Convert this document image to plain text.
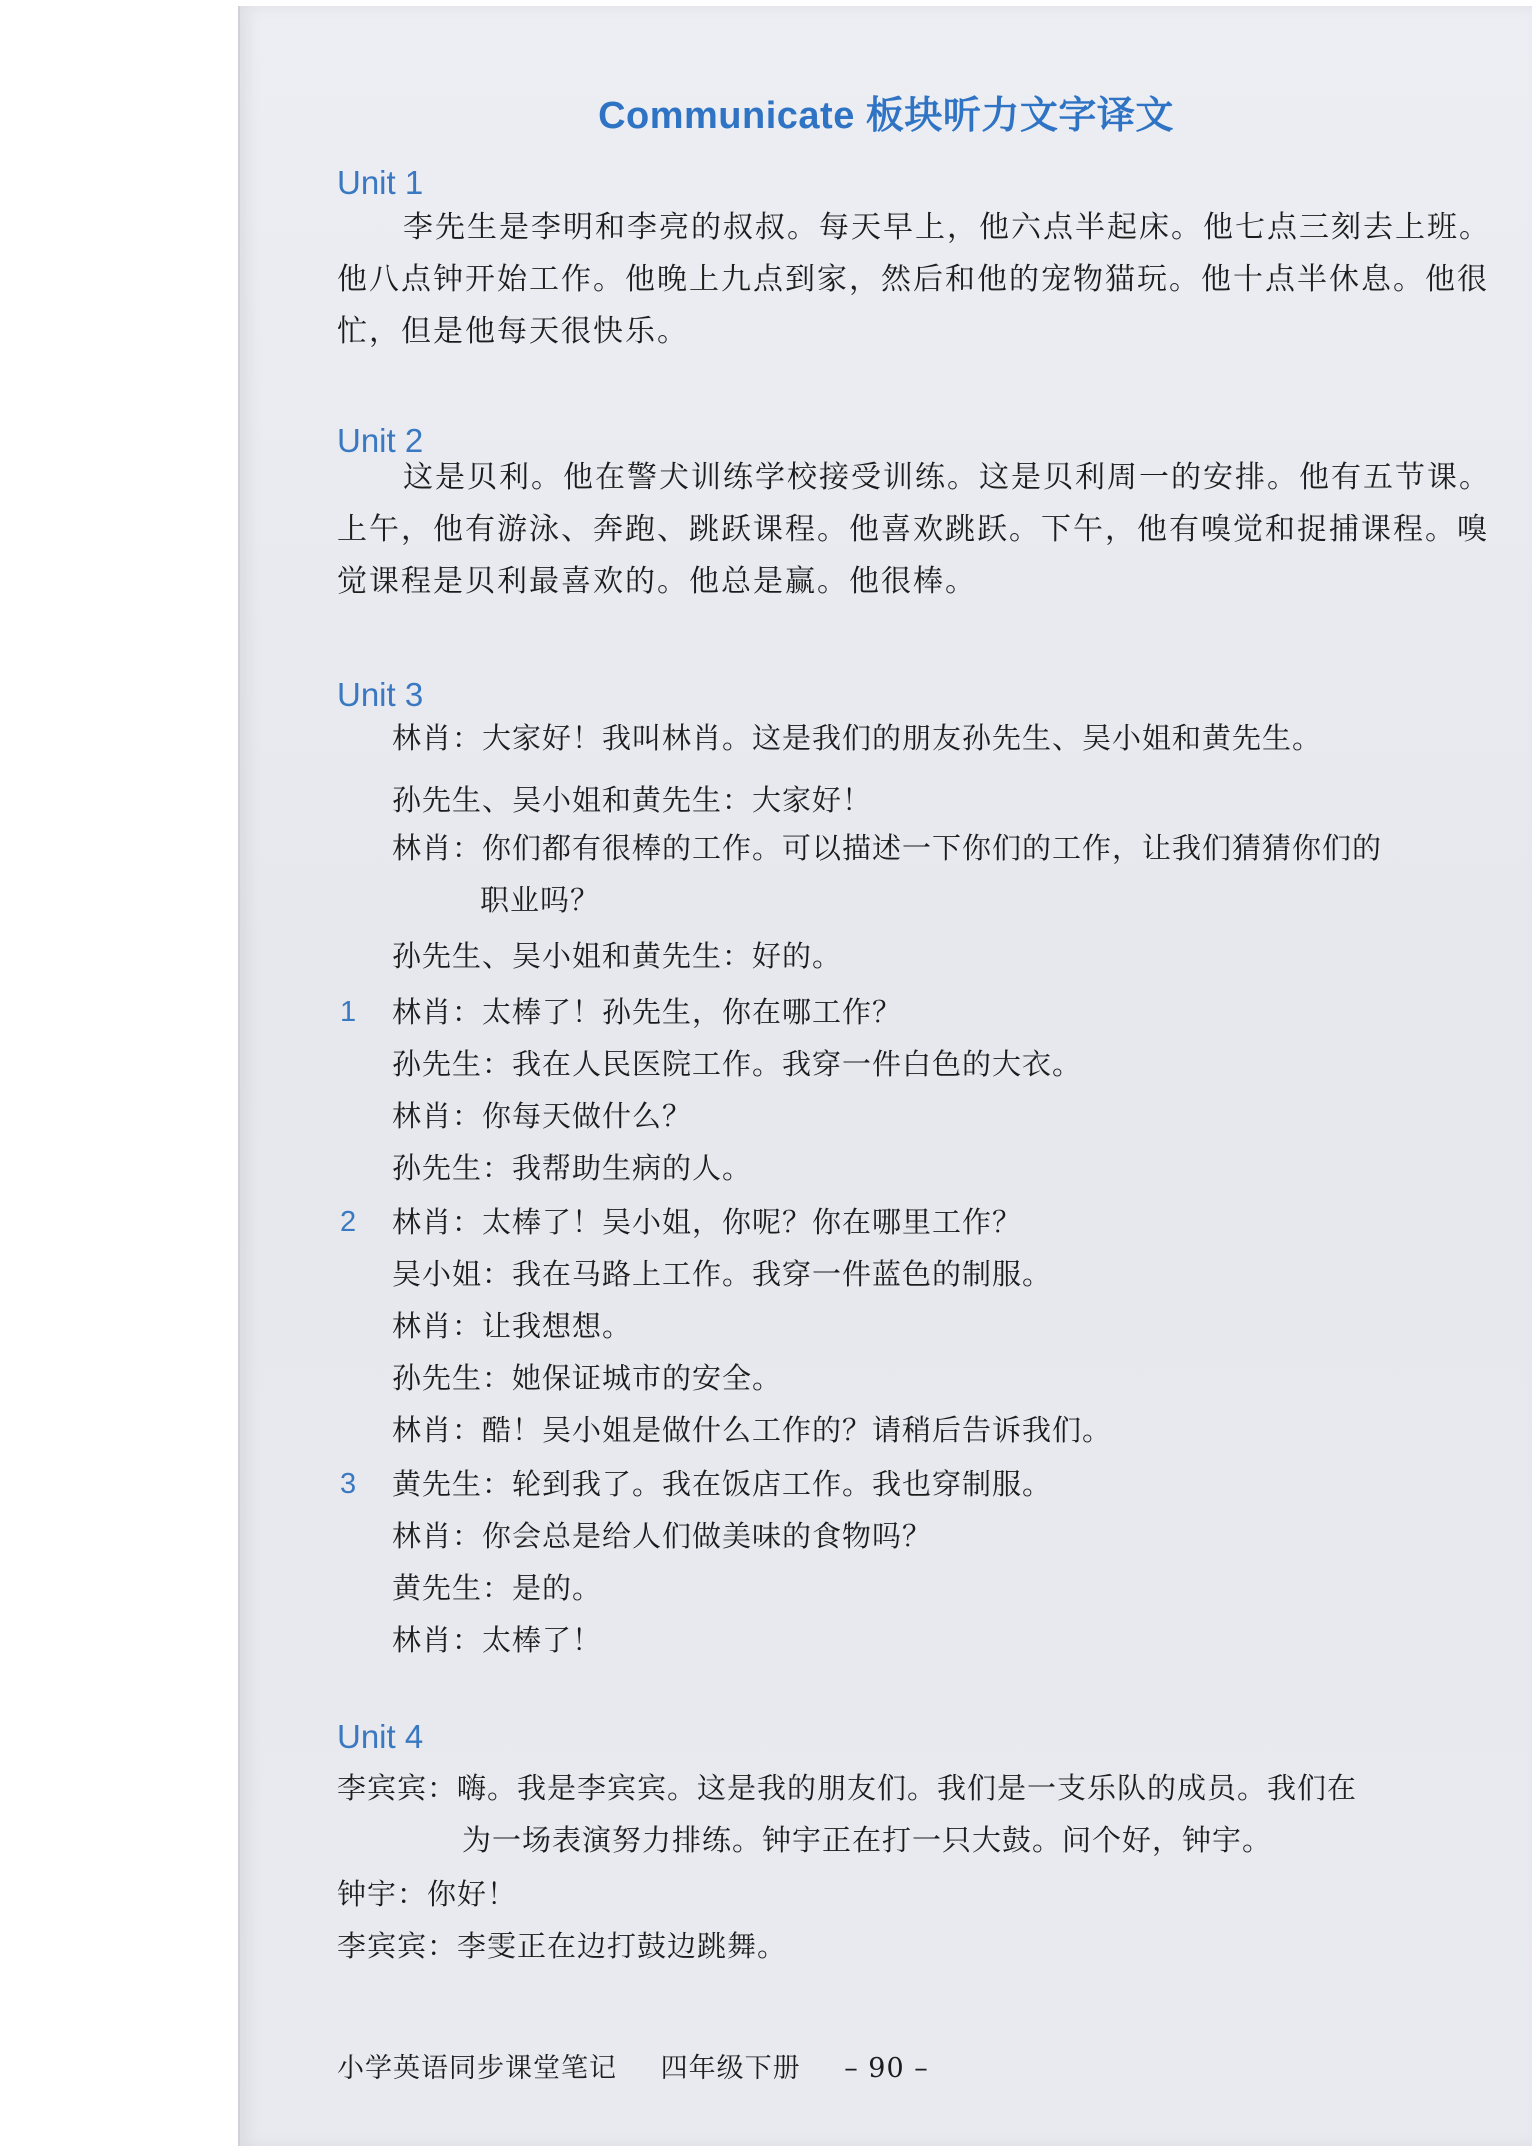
Communicate 板块听力文字译文
Unit 1

李先生是李明和李亮的叔叔。每天早上，他六点半起床。他七点三刻去上班。他八点钟开始工作。他晚上九点到家，然后和他的宠物猫玩。他十点半休息。他很忙，但是他每天很快乐。

Unit 2

这是贝利。他在警犬训练学校接受训练。这是贝利周一的安排。他有五节课。上午，他有游泳、奔跑、跳跃课程。他喜欢跳跃。下午，他有嗅觉和捉捕课程。嗅觉课程是贝利最喜欢的。他总是赢。他很棒。

Unit 3
林肖：大家好！我叫林肖。这是我们的朋友孙先生、吴小姐和黄先生。
孙先生、吴小姐和黄先生：大家好！
林肖：你们都有很棒的工作。可以描述一下你们的工作，让我们猜猜你们的
职业吗？
孙先生、吴小姐和黄先生：好的。
1 林肖：太棒了！孙先生，你在哪工作？
孙先生：我在人民医院工作。我穿一件白色的大衣。
林肖：你每天做什么？
孙先生：我帮助生病的人。
2 林肖：太棒了！吴小姐，你呢？你在哪里工作？
吴小姐：我在马路上工作。我穿一件蓝色的制服。
林肖：让我想想。
孙先生：她保证城市的安全。
林肖：酷！吴小姐是做什么工作的？请稍后告诉我们。
3 黄先生：轮到我了。我在饭店工作。我也穿制服。
林肖：你会总是给人们做美味的食物吗？
黄先生：是的。
林肖：太棒了！
Unit 4
李宾宾：嗨。我是李宾宾。这是我的朋友们。我们是一支乐队的成员。我们在
为一场表演努力排练。钟宇正在打一只大鼓。问个好，钟宇。
钟宇：你好！
李宾宾：李雯正在边打鼓边跳舞。
小学英语同步课堂笔记 四年级下册 – 90 –
